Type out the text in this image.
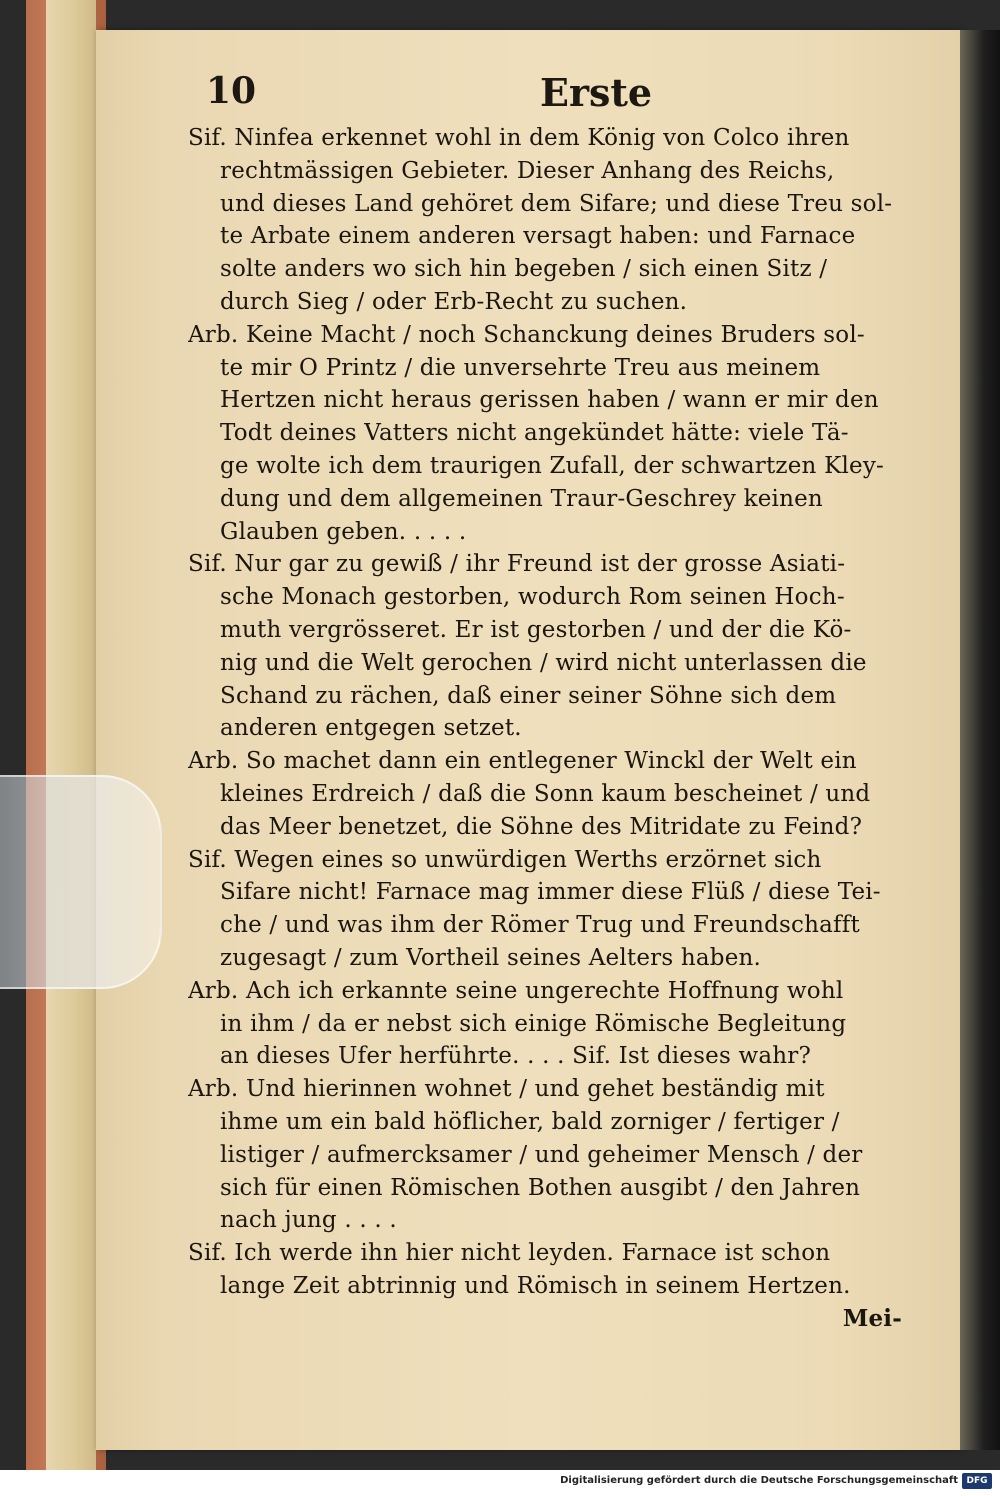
10	Erste
Sif. Ninfea erkennet wohl in dem König von Colco ihren
rechtmässigen Gebieter. Dieser Anhang des Reichs,
und dieses Land gehöret dem Sifare; und diese Treu sol-
te Arbate einem anderen versagt haben: und Farnace
solte anders wo sich hin begeben / sich einen Sitz /
durch Sieg / oder Erb-Recht zu suchen.
Arb. Keine Macht / noch Schanckung deines Bruders sol-
te mir O Printz / die unversehrte Treu aus meinem
Hertzen nicht heraus gerissen haben / wann er mir den
Todt deines Vatters nicht angekündet hätte: viele Tä-
ge wolte ich dem traurigen Zufall, der schwartzen Kley-
dung und dem allgemeinen Traur-Geschrey keinen
Glauben geben. . . . .
Sif. Nur gar zu gewiß / ihr Freund ist der grosse Asiati-
sche Monach gestorben, wodurch Rom seinen Hoch-
muth vergrösseret. Er ist gestorben / und der die Kö-
nig und die Welt gerochen / wird nicht unterlassen die
Schand zu rächen, daß einer seiner Söhne sich dem
anderen entgegen setzet.
Arb. So machet dann ein entlegener Winckl der Welt ein
kleines Erdreich / daß die Sonn kaum bescheinet / und
das Meer benetzet, die Söhne des Mitridate zu Feind?
Sif. Wegen eines so unwürdigen Werths erzörnet sich
Sifare nicht! Farnace mag immer diese Flüß / diese Tei-
che / und was ihm der Römer Trug und Freundschafft
zugesagt / zum Vortheil seines Aelters haben.
Arb. Ach ich erkannte seine ungerechte Hoffnung wohl
in ihm / da er nebst sich einige Römische Begleitung
an dieses Ufer herführte. . . . Sif. Ist dieses wahr?
Arb. Und hierinnen wohnet / und gehet beständig mit
ihme um ein bald höflicher, bald zorniger / fertiger /
listiger / aufmercksamer / und geheimer Mensch / der
sich für einen Römischen Bothen ausgibt / den Jahren
nach jung . . . .
Sif. Ich werde ihn hier nicht leyden. Farnace ist schon
lange Zeit abtrinnig und Römisch in seinem Hertzen.
Mei-
Digitalisierung gefördert durch die Deutsche Forschungsgemeinschaft DFG
